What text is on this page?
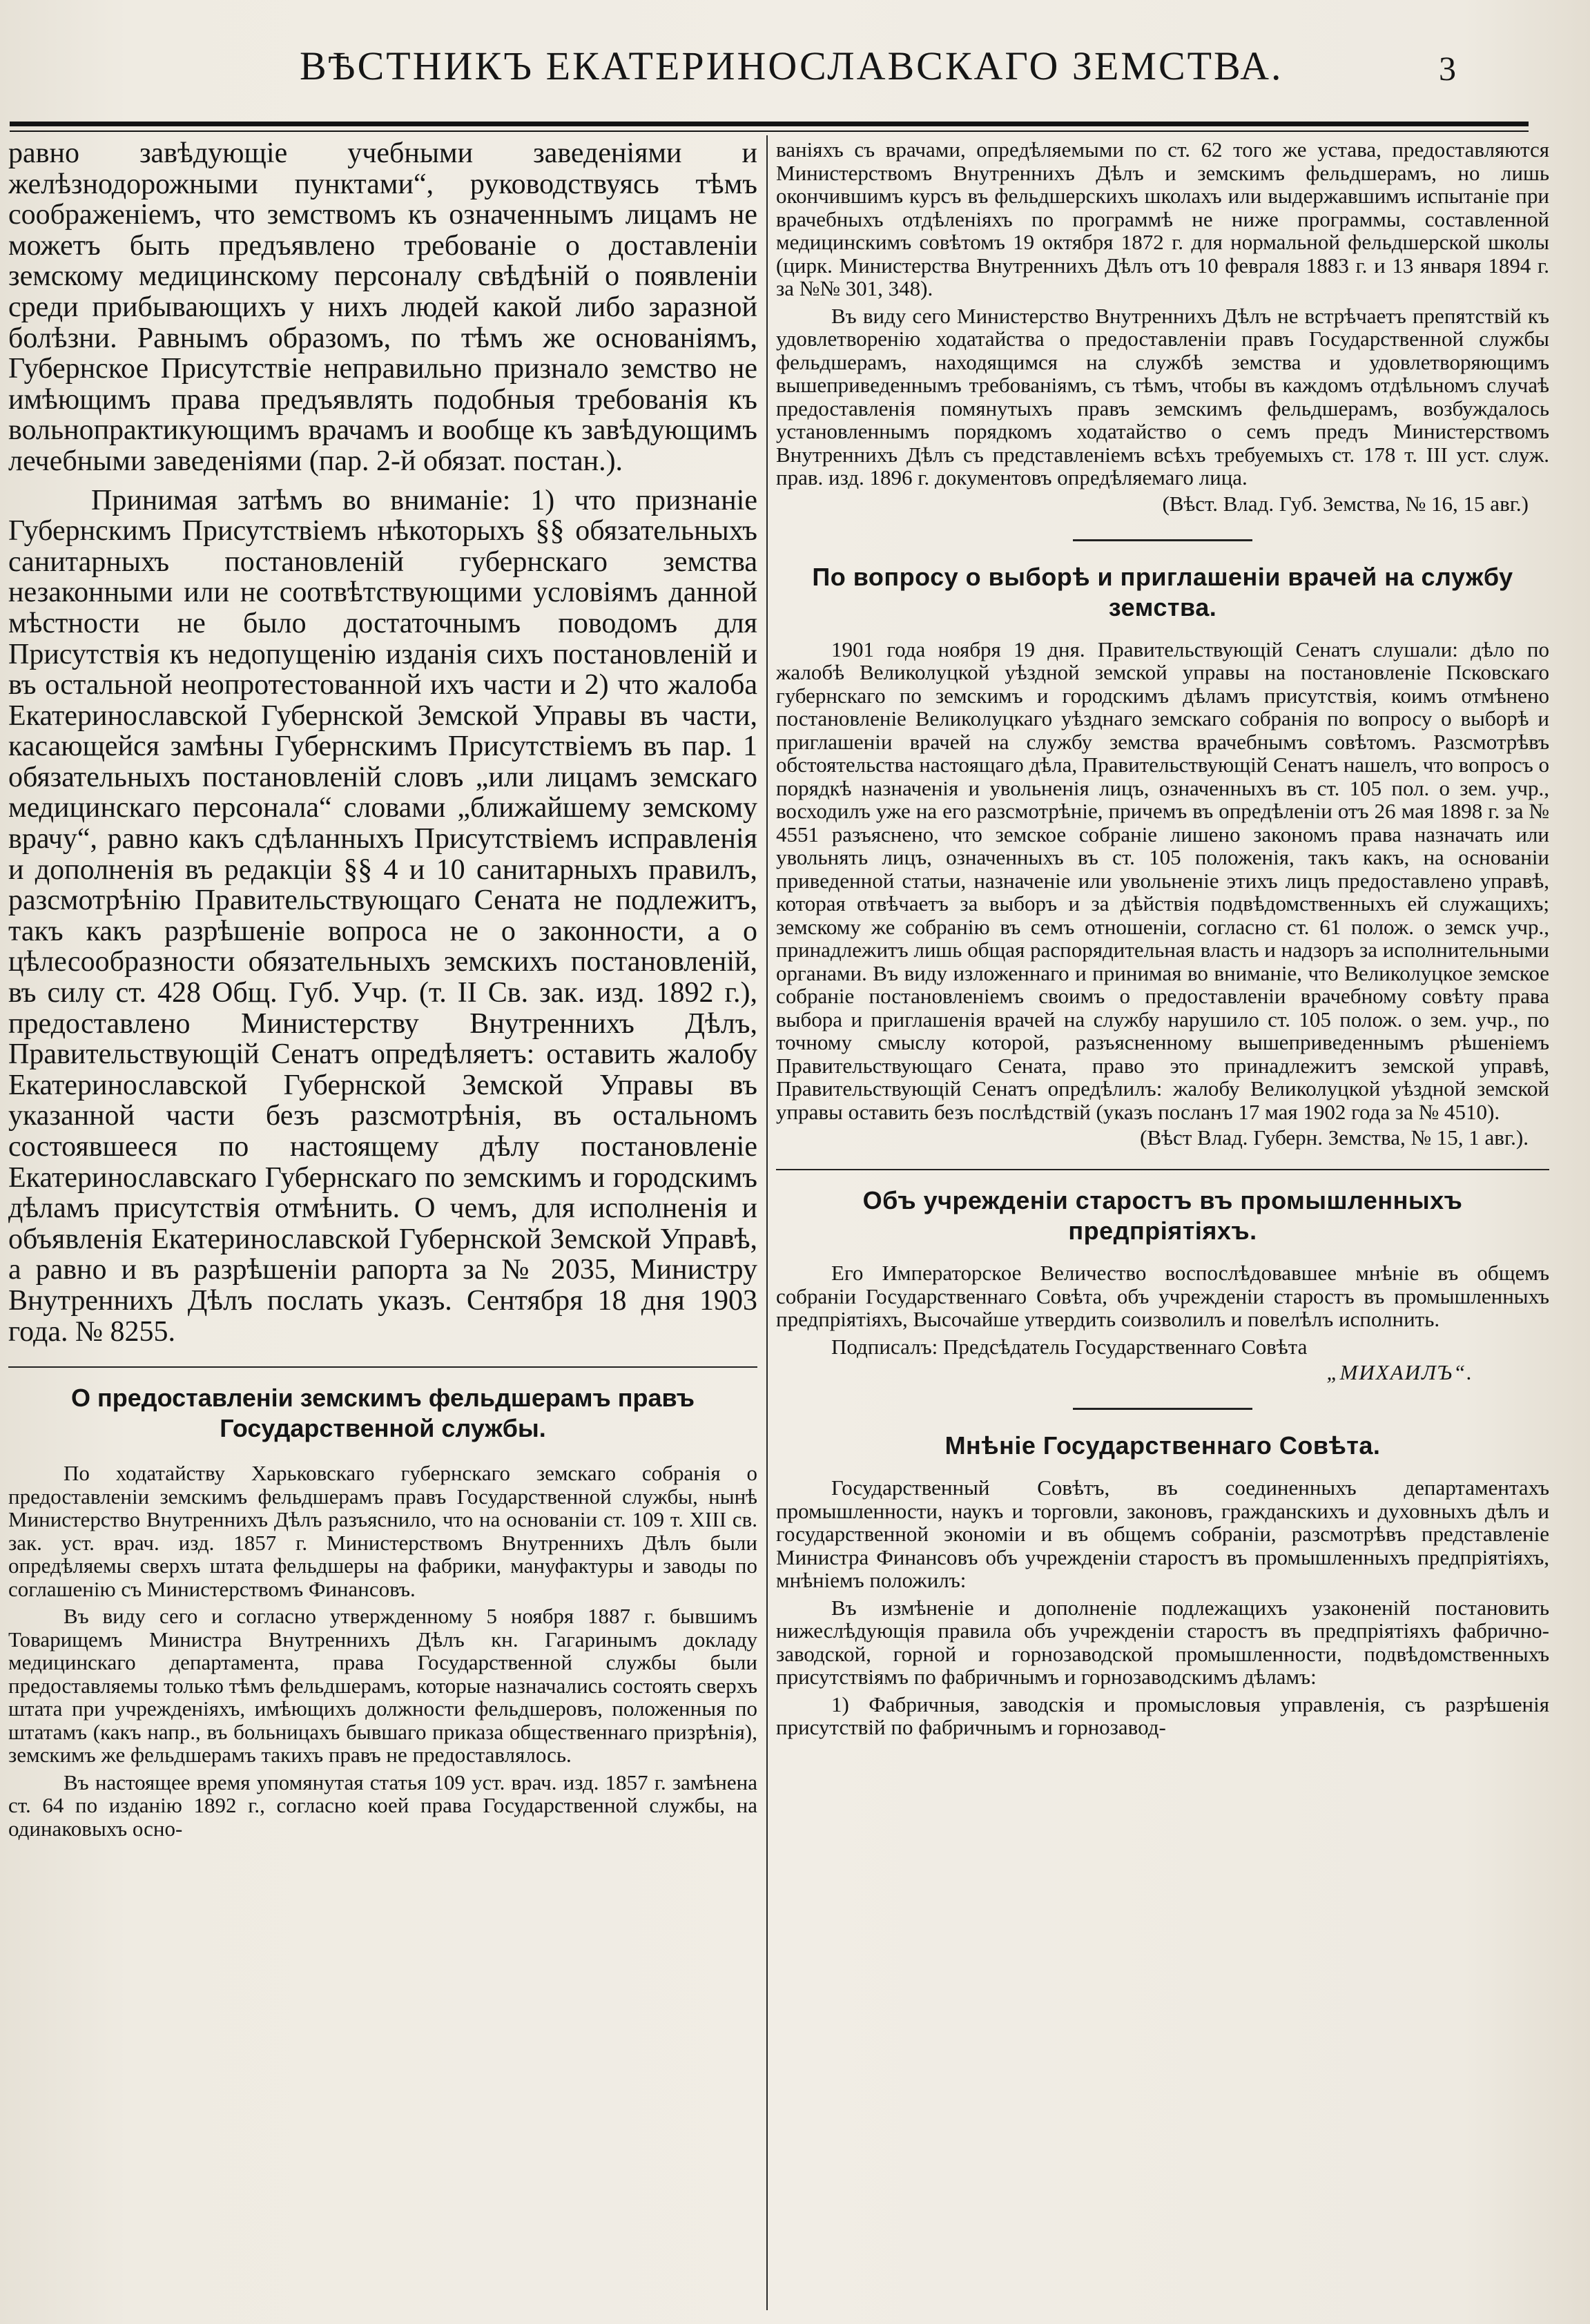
ВѢСТНИКЪ ЕКАТЕРИНОСЛАВСКАГО ЗЕМСТВА.	3

равно завѣдующіе учебными заведеніями и желѣзнодорожными пунктами“, руководствуясь тѣмъ соображеніемъ, что земствомъ къ означеннымъ лицамъ не можетъ быть предъявлено требованіе о доставленіи земскому медицинскому персоналу свѣдѣній о появленіи среди прибывающихъ у нихъ людей какой либо заразной болѣзни. Равнымъ образомъ, по тѣмъ же основаніямъ, Губернское Присутствіе неправильно признало земство не имѣющимъ права предъявлять подобныя требованія къ вольнопрактикующимъ врачамъ и вообще къ завѣдующимъ лечебными заведеніями (пар. 2-й обязат. постан.).

Принимая затѣмъ во вниманіе: 1) что признаніе Губернскимъ Присутствіемъ нѣкоторыхъ §§ обязательныхъ санитарныхъ постановленій губернскаго земства незаконными или не соотвѣтствующими условіямъ данной мѣстности не было достаточнымъ поводомъ для Присутствія къ недопущенію изданія сихъ постановленій и въ остальной неопротестованной ихъ части и 2) что жалоба Екатеринославской Губернской Земской Управы въ части, касающейся замѣны Губернскимъ Присутствіемъ въ пар. 1 обязательныхъ постановленій словъ „или лицамъ земскаго медицинскаго персонала“ словами „ближайшему земскому врачу“, равно какъ сдѣланныхъ Присутствіемъ исправленія и дополненія въ редакціи §§ 4 и 10 санитарныхъ правилъ, разсмотрѣнію Правительствующаго Сената не подлежитъ, такъ какъ разрѣшеніе вопроса не о законности, а о цѣлесообразности обязательныхъ земскихъ постановленій, въ силу ст. 428 Общ. Губ. Учр. (т. II Св. зак. изд. 1892 г.), предоставлено Министерству Внутреннихъ Дѣлъ, Правительствующій Сенатъ опредѣляетъ: оставить жалобу Екатеринославской Губернской Земской Управы въ указанной части безъ разсмотрѣнія, въ остальномъ состоявшееся по настоящему дѣлу постановленіе Екатеринославскаго Губернскаго по земскимъ и городскимъ дѣламъ присутствія отмѣнить. О чемъ, для исполненія и объявленія Екатеринославской Губернской Земской Управѣ, а равно и въ разрѣшеніи рапорта за № 2035, Министру Внутреннихъ Дѣлъ послать указъ. Сентября 18 дня 1903 года. № 8255.

О предоставленіи земскимъ фельдшерамъ правъ Государственной службы.

По ходатайству Харьковскаго губернскаго земскаго собранія о предоставленіи земскимъ фельдшерамъ правъ Государственной службы, нынѣ Министерство Внутреннихъ Дѣлъ разъяснило, что на основаніи ст. 109 т. XIII св. зак. уст. врач. изд. 1857 г. Министерствомъ Внутреннихъ Дѣлъ были опредѣляемы сверхъ штата фельдшеры на фабрики, мануфактуры и заводы по соглашенію съ Министерствомъ Финансовъ.

Въ виду сего и согласно утвержденному 5 ноября 1887 г. бывшимъ Товарищемъ Министра Внутреннихъ Дѣлъ кн. Гагаринымъ докладу медицинскаго департамента, права Государственной службы были предоставляемы только тѣмъ фельдшерамъ, которые назначались состоять сверхъ штата при учрежденіяхъ, имѣющихъ должности фельдшеровъ, положенныя по штатамъ (какъ напр., въ больницахъ бывшаго приказа общественнаго призрѣнія), земскимъ же фельдшерамъ такихъ правъ не предоставлялось.

Въ настоящее время упомянутая статья 109 уст. врач. изд. 1857 г. замѣнена ст. 64 по изданію 1892 г., согласно коей права Государственной службы, на одинаковыхъ осно-

ваніяхъ съ врачами, опредѣляемыми по ст. 62 того же устава, предоставляются Министерствомъ Внутреннихъ Дѣлъ и земскимъ фельдшерамъ, но лишь окончившимъ курсъ въ фельдшерскихъ школахъ или выдержавшимъ испытаніе при врачебныхъ отдѣленіяхъ по программѣ не ниже программы, составленной медицинскимъ совѣтомъ 19 октября 1872 г. для нормальной фельдшерской школы (цирк. Министерства Внутреннихъ Дѣлъ отъ 10 февраля 1883 г. и 13 января 1894 г. за №№ 301, 348).

Въ виду сего Министерство Внутреннихъ Дѣлъ не встрѣчаетъ препятствій къ удовлетворенію ходатайства о предоставленіи правъ Государственной службы фельдшерамъ, находящимся на службѣ земства и удовлетворяющимъ вышеприведеннымъ требованіямъ, съ тѣмъ, чтобы въ каждомъ отдѣльномъ случаѣ предоставленія помянутыхъ правъ земскимъ фельдшерамъ, возбуждалось установленнымъ порядкомъ ходатайство о семъ предъ Министерствомъ Внутреннихъ Дѣлъ съ представленіемъ всѣхъ требуемыхъ ст. 178 т. III уст. служ. прав. изд. 1896 г. документовъ опредѣляемаго лица.

(Вѣст. Влад. Губ. Земства, № 16, 15 авг.)
По вопросу о выборѣ и приглашеніи врачей на службу земства.

1901 года ноября 19 дня. Правительствующій Сенатъ слушали: дѣло по жалобѣ Великолуцкой уѣздной земской управы на постановленіе Псковскаго губернскаго по земскимъ и городскимъ дѣламъ присутствія, коимъ отмѣнено постановленіе Великолуцкаго уѣзднаго земскаго собранія по вопросу о выборѣ и приглашеніи врачей на службу земства врачебнымъ совѣтомъ. Разсмотрѣвъ обстоятельства настоящаго дѣла, Правительствующій Сенатъ нашелъ, что вопросъ о порядкѣ назначенія и увольненія лицъ, означенныхъ въ ст. 105 пол. о зем. учр., восходилъ уже на его разсмотрѣніе, причемъ въ опредѣленіи отъ 26 мая 1898 г. за № 4551 разъяснено, что земское собраніе лишено закономъ права назначать или увольнять лицъ, означенныхъ въ ст. 105 положенія, такъ какъ, на основаніи приведенной статьи, назначеніе или увольненіе этихъ лицъ предоставлено управѣ, которая отвѣчаетъ за выборъ и за дѣйствія подвѣдомственныхъ ей служащихъ; земскому же собранію въ семъ отношеніи, согласно ст. 61 полож. о земск учр., принадлежитъ лишь общая распорядительная власть и надзоръ за исполнительными органами. Въ виду изложеннаго и принимая во вниманіе, что Великолуцкое земское собраніе постановленіемъ своимъ о предоставленіи врачебному совѣту права выбора и приглашенія врачей на службу нарушило ст. 105 полож. о зем. учр., по точному смыслу которой, разъясненному вышеприведеннымъ рѣшеніемъ Правительствующаго Сената, право это принадлежитъ земской управѣ, Правительствующій Сенатъ опредѣлилъ: жалобу Великолуцкой уѣздной земской управы оставить безъ послѣдствій (указъ посланъ 17 мая 1902 года за № 4510).

(Вѣст Влад. Губерн. Земства, № 15, 1 авг.).
Объ учрежденіи старостъ въ промышленныхъ предпріятіяхъ.

Его Императорское Величество воспослѣдовавшее мнѣніе въ общемъ собраніи Государственнаго Совѣта, объ учрежденіи старостъ въ промышленныхъ предпріятіяхъ, Высочайше утвердить соизволилъ и повелѣлъ исполнить.

Подписалъ: Предсѣдатель Государственнаго Совѣта

„МИХАИЛЪ“.
Мнѣніе Государственнаго Совѣта.

Государственный Совѣтъ, въ соединенныхъ департаментахъ промышленности, наукъ и торговли, законовъ, гражданскихъ и духовныхъ дѣлъ и государственной экономіи и въ общемъ собраніи, разсмотрѣвъ представленіе Министра Финансовъ объ учрежденіи старостъ въ промышленныхъ предпріятіяхъ, мнѣніемъ положилъ:

Въ измѣненіе и дополненіе подлежащихъ узаконеній постановить нижеслѣдующія правила объ учрежденіи старостъ въ предпріятіяхъ фабрично-заводской, горной и горнозаводской промышленности, подвѣдомственныхъ присутствіямъ по фабричнымъ и горнозаводскимъ дѣламъ:

1) Фабричныя, заводскія и промысловыя управленія, съ разрѣшенія присутствій по фабричнымъ и горнозавод-
